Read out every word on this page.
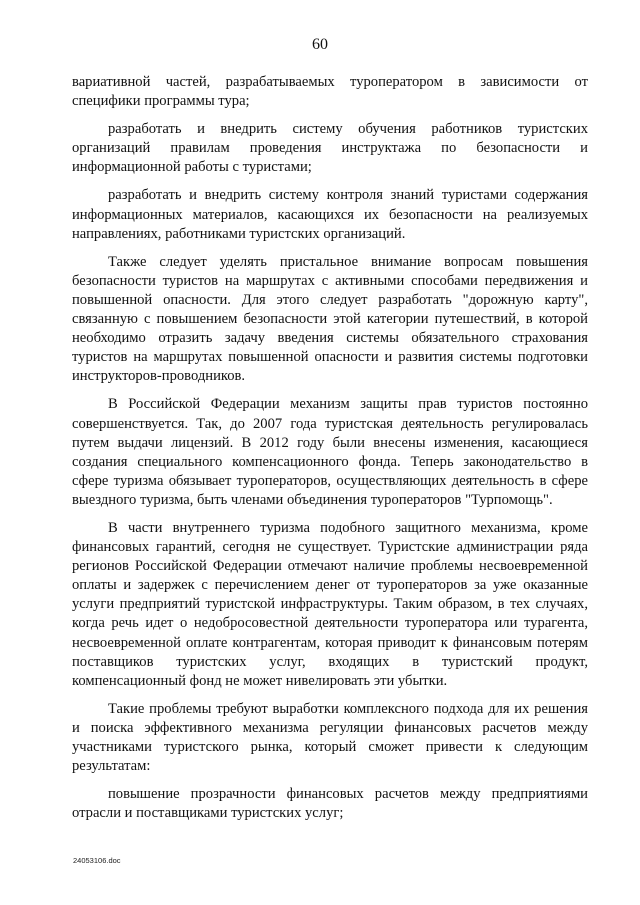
60

вариативной частей, разрабатываемых туроператором в зависимости от специфики программы тура;

разработать и внедрить систему обучения работников туристских организаций правилам проведения инструктажа по безопасности и информационной работы с туристами;

разработать и внедрить систему контроля знаний туристами содержания информационных материалов, касающихся их безопасности на реализуемых направлениях, работниками туристских организаций.

Также следует уделять пристальное внимание вопросам повышения безопасности туристов на маршрутах с активными способами передвижения и повышенной опасности. Для этого следует разработать "дорожную карту", связанную с повышением безопасности этой категории путешествий, в которой необходимо отразить задачу введения системы обязательного страхования туристов на маршрутах повышенной опасности и развития системы подготовки инструкторов-проводников.

В Российской Федерации механизм защиты прав туристов постоянно совершенствуется. Так, до 2007 года туристская деятельность регулировалась путем выдачи лицензий. В 2012 году были внесены изменения, касающиеся создания специального компенсационного фонда. Теперь законодательство в сфере туризма обязывает туроператоров, осуществляющих деятельность в сфере выездного туризма, быть членами объединения туроператоров "Турпомощь".

В части внутреннего туризма подобного защитного механизма, кроме финансовых гарантий, сегодня не существует. Туристские администрации ряда регионов Российской Федерации отмечают наличие проблемы несвоевременной оплаты и задержек с перечислением денег от туроператоров за уже оказанные услуги предприятий туристской инфраструктуры. Таким образом, в тех случаях, когда речь идет о недобросовестной деятельности туроператора или турагента, несвоевременной оплате контрагентам, которая приводит к финансовым потерям поставщиков туристских услуг, входящих в туристский продукт, компенсационный фонд не может нивелировать эти убытки.

Такие проблемы требуют выработки комплексного подхода для их решения и поиска эффективного механизма регуляции финансовых расчетов между участниками туристского рынка, который сможет привести к следующим результатам:

повышение прозрачности финансовых расчетов между предприятиями отрасли и поставщиками туристских услуг;

24053106.doc
